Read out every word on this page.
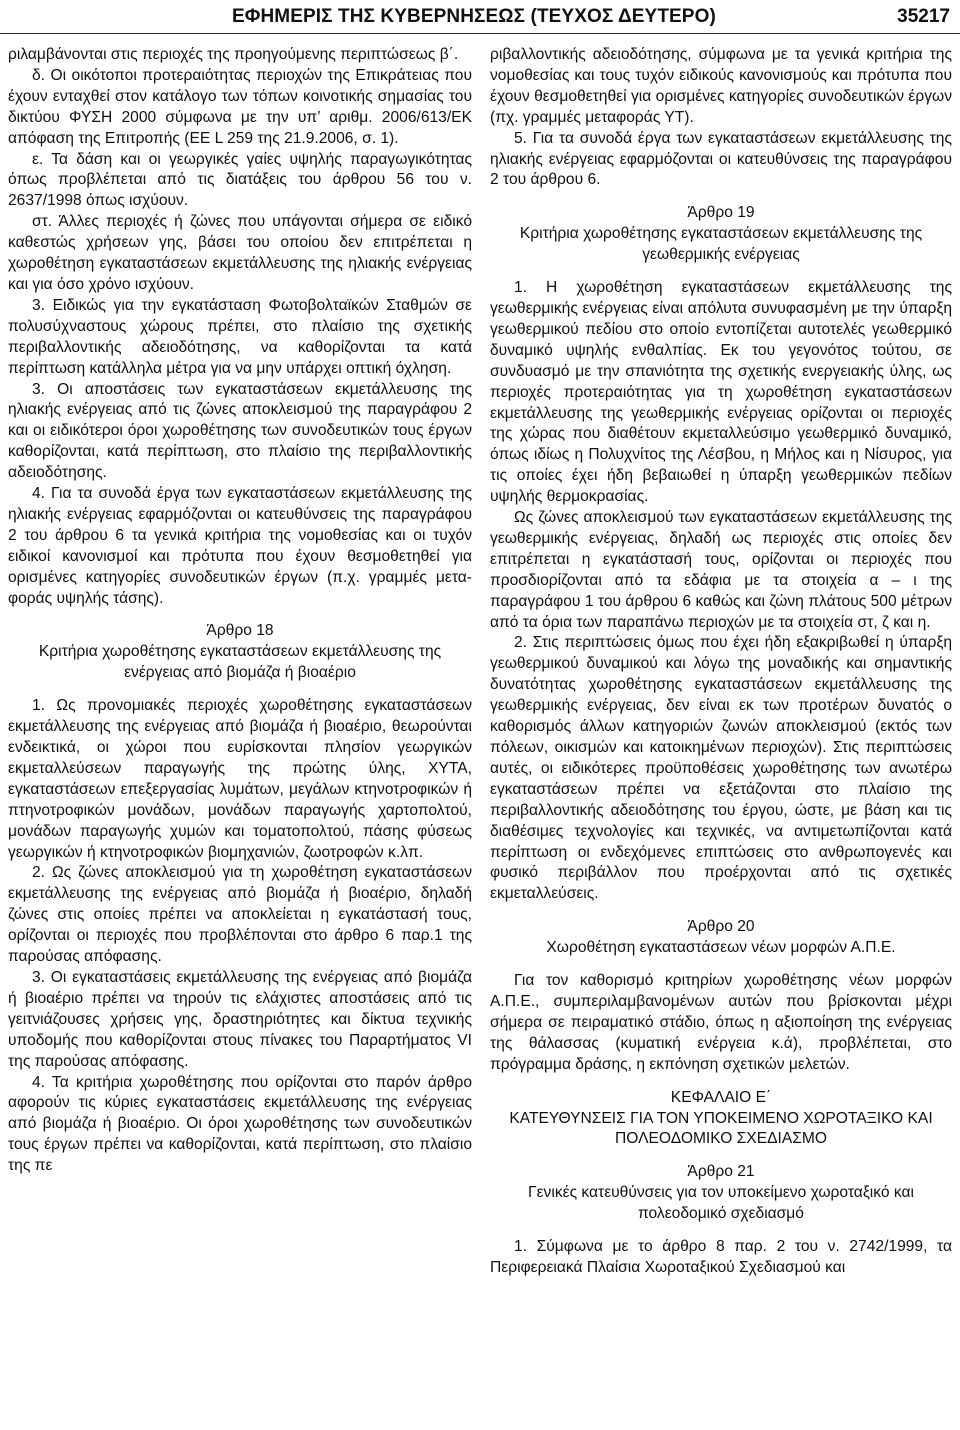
ΕΦΗΜΕΡΙΣ ΤΗΣ ΚΥΒΕΡΝΗΣΕΩΣ (ΤΕΥΧΟΣ ΔΕΥΤΕΡΟ)	35217

ριλαμβάνονται στις περιοχές της προηγούμενης περιπτώσεως β΄.

δ. Οι οικότοποι προτεραιότητας περιοχών της Επικράτειας που έχουν ενταχθεί στον κατάλογο των τόπων κοινοτικής σημασίας του δικτύου ΦΥΣΗ 2000 σύμφωνα με την υπ’ αριθμ. 2006/613/ΕΚ απόφαση της Επιτροπής (ΕΕ L 259 της 21.9.2006, σ. 1).

ε. Τα δάση και οι γεωργικές γαίες υψηλής παραγωγικότητας όπως προβλέπεται από τις διατάξεις του άρθρου 56 του ν. 2637/1998 όπως ισχύουν.

στ. Άλλες περιοχές ή ζώνες που υπάγονται σήμερα σε ειδικό καθεστώς χρήσεων γης, βάσει του οποίου δεν επιτρέπεται η χωροθέτηση εγκαταστάσεων εκμετάλλευσης της ηλιακής ενέργειας και για όσο χρόνο ισχύουν.

3. Ειδικώς για την εγκατάσταση Φωτοβολταϊκών Σταθμών σε πολυσύχναστους χώρους πρέπει, στο πλαίσιο της σχετικής περιβαλλοντικής αδειοδότησης, να καθορίζονται τα κατά περίπτωση κατάλληλα μέτρα για να μην υπάρχει οπτική όχληση.

3. Οι αποστάσεις των εγκαταστάσεων εκμετάλλευσης της ηλιακής ενέργειας από τις ζώνες αποκλεισμού της παραγράφου 2 και οι ειδικότεροι όροι χωροθέτησης των συνοδευτικών τους έργων καθορίζονται, κατά περίπτωση, στο πλαίσιο της περιβαλλοντικής αδειοδότησης.

4. Για τα συνοδά έργα των εγκαταστάσεων εκμετάλλευσης της ηλιακής ενέργειας εφαρμόζονται οι κατευθύνσεις της παραγράφου 2 του άρθρου 6 τα γενικά κριτήρια της νομοθεσίας και οι τυχόν ειδικοί κανονισμοί και πρότυπα που έχουν θεσμοθετηθεί για ορισμένες κατηγορίες συνοδευτικών έργων (π.χ. γραμμές μεταφοράς υψηλής τάσης).

Άρθρο 18

Κριτήρια χωροθέτησης εγκαταστάσεων εκμετάλλευσης της ενέργειας από βιομάζα ή βιοαέριο

1. Ως προνομιακές περιοχές χωροθέτησης εγκαταστάσεων εκμετάλλευσης της ενέργειας από βιομάζα ή βιοαέριο, θεωρούνται ενδεικτικά, οι χώροι που ευρίσκονται πλησίον γεωργικών εκμεταλλεύσεων παραγωγής της πρώτης ύλης, ΧΥΤΑ, εγκαταστάσεων επεξεργασίας λυμάτων, μεγάλων κτηνοτροφικών ή πτηνοτροφικών μονάδων, μονάδων παραγωγής χαρτοπολτού, μονάδων παραγωγής χυμών και τοματοπολτού, πάσης φύσεως γεωργικών ή κτηνοτροφικών βιομηχανιών, ζωοτροφών κ.λπ.

2. Ως ζώνες αποκλεισμού για τη χωροθέτηση εγκαταστάσεων εκμετάλλευσης της ενέργειας από βιομάζα ή βιοαέριο, δηλαδή ζώνες στις οποίες πρέπει να αποκλείεται η εγκατάστασή τους, ορίζονται οι περιοχές που προβλέπονται στο άρθρο 6 παρ.1 της παρούσας απόφασης.

3. Οι εγκαταστάσεις εκμετάλλευσης της ενέργειας από βιομάζα ή βιοαέριο πρέπει να τηρούν τις ελάχιστες αποστάσεις από τις γειτνιάζουσες χρήσεις γης, δραστηριότητες και δίκτυα τεχνικής υποδομής που καθορίζονται στους πίνακες του Παραρτήματος VI της παρούσας απόφασης.

4. Τα κριτήρια χωροθέτησης που ορίζονται στο παρόν άρθρο αφορούν τις κύριες εγκαταστάσεις εκμετάλλευσης της ενέργειας από βιομάζα ή βιοαέριο. Οι όροι χωροθέτησης των συνοδευτικών τους έργων πρέπει να καθορίζονται, κατά περίπτωση, στο πλαίσιο της πε

ριβαλλοντικής αδειοδότησης, σύμφωνα με τα γενικά κριτήρια της νομοθεσίας και τους τυχόν ειδικούς κανονισμούς και πρότυπα που έχουν θεσμοθετηθεί για ορισμένες κατηγορίες συνοδευτικών έργων (πχ. γραμμές μεταφοράς ΥΤ).

5. Για τα συνοδά έργα των εγκαταστάσεων εκμετάλλευσης της ηλιακής ενέργειας εφαρμόζονται οι κατευθύνσεις της παραγράφου 2 του άρθρου 6.

Άρθρο 19

Κριτήρια χωροθέτησης εγκαταστάσεων εκμετάλλευσης της γεωθερμικής ενέργειας

1. Η χωροθέτηση εγκαταστάσεων εκμετάλλευσης της γεωθερμικής ενέργειας είναι απόλυτα συνυφασμένη με την ύπαρξη γεωθερμικού πεδίου στο οποίο εντοπίζεται αυτοτελές γεωθερμικό δυναμικό υψηλής ενθαλπίας. Εκ του γεγονότος τούτου, σε συνδυασμό με την σπανιότητα της σχετικής ενεργειακής ύλης, ως περιοχές προτεραιότητας για τη χωροθέτηση εγκαταστάσεων εκμετάλλευσης της γεωθερμικής ενέργειας ορίζονται οι περιοχές της χώρας που διαθέτουν εκμεταλλεύσιμο γεωθερμικό δυναμικό, όπως ιδίως η Πολυχνίτος της Λέσβου, η Μήλος και η Νίσυρος, για τις οποίες έχει ήδη βεβαιωθεί η ύπαρξη γεωθερμικών πεδίων υψηλής θερμοκρασίας.

Ως ζώνες αποκλεισμού των εγκαταστάσεων εκμετάλλευσης της γεωθερμικής ενέργειας, δηλαδή ως περιοχές στις οποίες δεν επιτρέπεται η εγκατάστασή τους, ορίζονται οι περιοχές που προσδιορίζονται από τα εδάφια με τα στοιχεία α – ι της παραγράφου 1 του άρθρου 6 καθώς και ζώνη πλάτους 500 μέτρων από τα όρια των παραπάνω περιοχών με τα στοιχεία στ, ζ και η.

2. Στις περιπτώσεις όμως που έχει ήδη εξακριβωθεί η ύπαρξη γεωθερμικού δυναμικού και λόγω της μοναδικής και σημαντικής δυνατότητας χωροθέτησης εγκαταστάσεων εκμετάλλευσης της γεωθερμικής ενέργειας, δεν είναι εκ των προτέρων δυνατός ο καθορισμός άλλων κατηγοριών ζωνών αποκλεισμού (εκτός των πόλεων, οικισμών και κατοικημένων περιοχών). Στις περιπτώσεις αυτές, οι ειδικότερες προϋποθέσεις χωροθέτησης των ανωτέρω εγκαταστάσεων πρέπει να εξετάζονται στο πλαίσιο της περιβαλλοντικής αδειοδότησης του έργου, ώστε, με βάση και τις διαθέσιμες τεχνολογίες και τεχνικές, να αντιμετωπίζονται κατά περίπτωση οι ενδεχόμενες επιπτώσεις στο ανθρωπογενές και φυσικό περιβάλλον που προέρχονται από τις σχετικές εκμεταλλεύσεις.

Άρθρο 20

Χωροθέτηση εγκαταστάσεων νέων μορφών Α.Π.Ε.

Για τον καθορισμό κριτηρίων χωροθέτησης νέων μορφών Α.Π.Ε., συμπεριλαμβανομένων αυτών που βρίσκονται μέχρι σήμερα σε πειραματικό στάδιο, όπως η αξιοποίηση της ενέργειας της θάλασσας (κυματική ενέργεια κ.ά), προβλέπεται, στο πρόγραμμα δράσης, η εκπόνηση σχετικών μελετών.

ΚΕΦΑΛΑΙΟ Ε΄

ΚΑΤΕΥΘΥΝΣΕΙΣ ΓΙΑ ΤΟΝ ΥΠΟΚΕΙΜΕΝΟ ΧΩΡΟΤΑΞΙΚΟ ΚΑΙ ΠΟΛΕΟΔΟΜΙΚΟ ΣΧΕΔΙΑΣΜΟ

Άρθρο 21

Γενικές κατευθύνσεις για τον υποκείμενο χωροταξικό και πολεοδομικό σχεδιασμό

1. Σύμφωνα με το άρθρο 8 παρ. 2 του ν. 2742/1999, τα Περιφερειακά Πλαίσια Χωροταξικού Σχεδιασμού και
